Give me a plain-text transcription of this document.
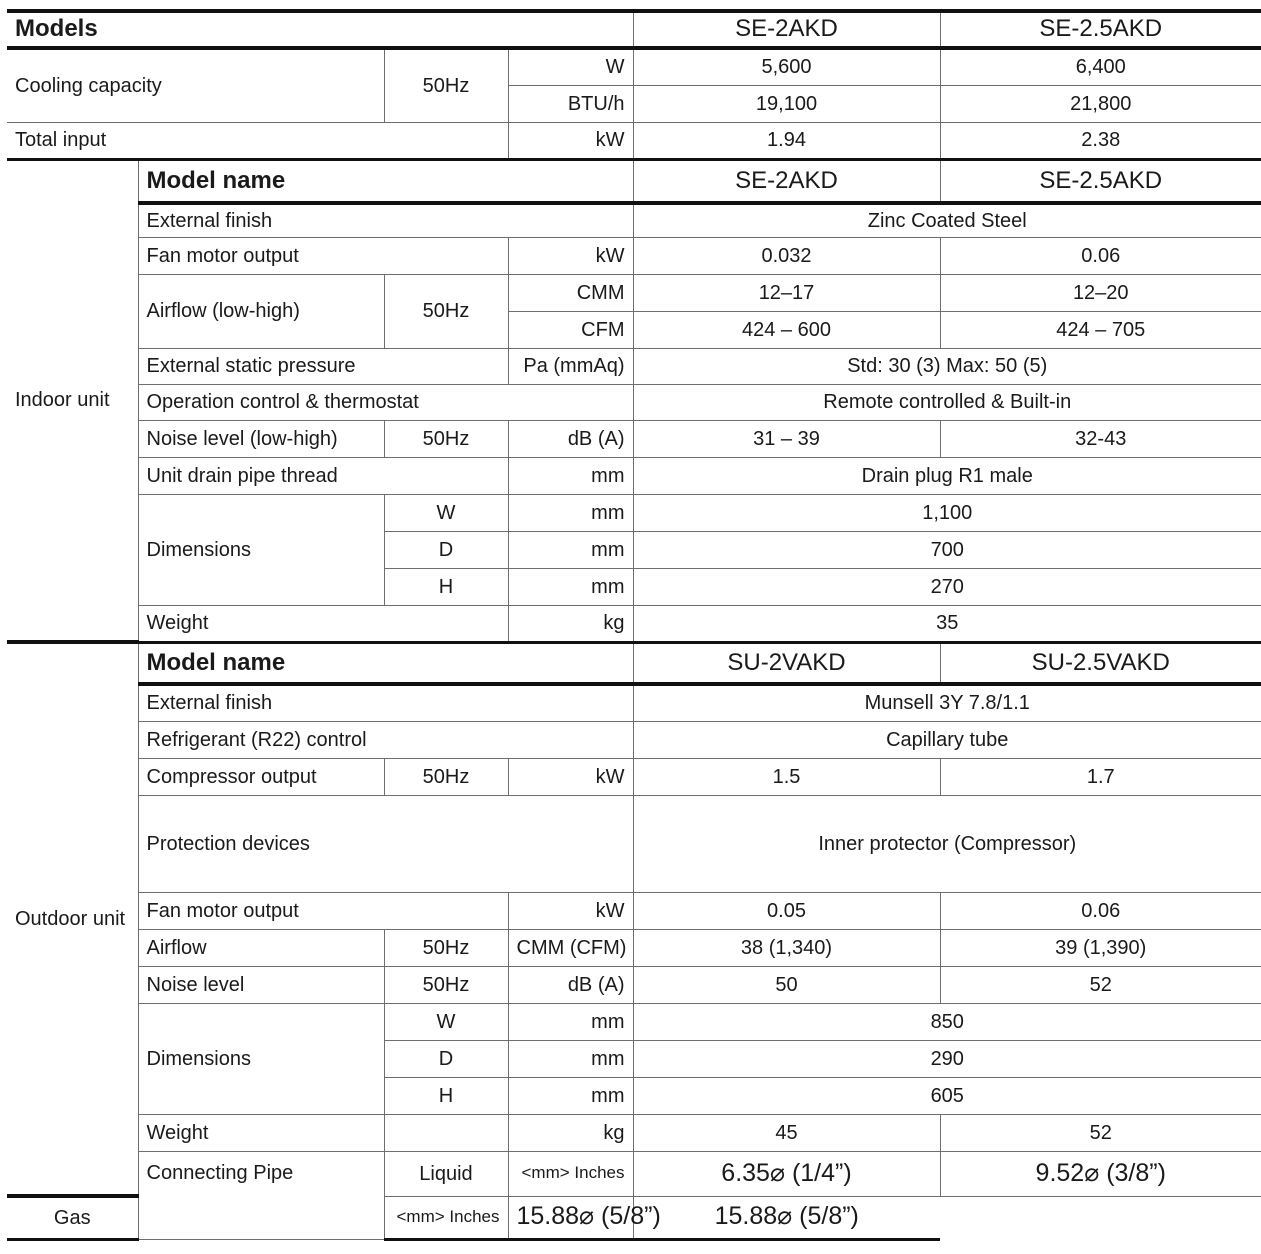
Models				SE-2AKD	SE-2.5AKD
Cooling capacity		50Hz	W	5,600	6,400
			BTU/h	19,100	21,800
Total input			kW	1.94	2.38
Indoor unit	Model name			SE-2AKD	SE-2.5AKD
	External finish			Zinc Coated Steel	
	Fan motor output		kW	0.032	0.06
	Airflow (low-high)	50Hz	CMM	12–17	12–20
			CFM	424 – 600	424 – 705
	External static pressure		Pa (mmAq)	Std: 30 (3) Max: 50 (5)	
	Operation control & thermostat			Remote controlled & Built-in	
	Noise level (low-high)	50Hz	dB (A)	31 – 39	32-43
	Unit drain pipe thread		mm	Drain plug R1 male	
	Dimensions	W	mm	1,100	
		D	mm	700	
		H	mm	270	
	Weight		kg	35	
Outdoor unit	Model name			SU-2VAKD	SU-2.5VAKD
	External finish			Munsell 3Y 7.8/1.1	
	Refrigerant (R22) control			Capillary tube	
	Compressor output	50Hz	kW	1.5	1.7
	Protection devices			Inner protector (Compressor)	
	Fan motor output		kW	0.05	0.06
	Airflow	50Hz	CMM (CFM)	38 (1,340)	39 (1,390)
	Noise level	50Hz	dB (A)	50	52
	Dimensions	W	mm	850	
		D	mm	290	
		H	mm	605	
	Weight		kg	45	52
	Connecting Pipe	Liquid	<mm> Inches	6.35⌀ (1/4”)	9.52⌀ (3/8”)
Gas		<mm> Inches	15.88⌀ (5/8”)	15.88⌀ (5/8”)	
